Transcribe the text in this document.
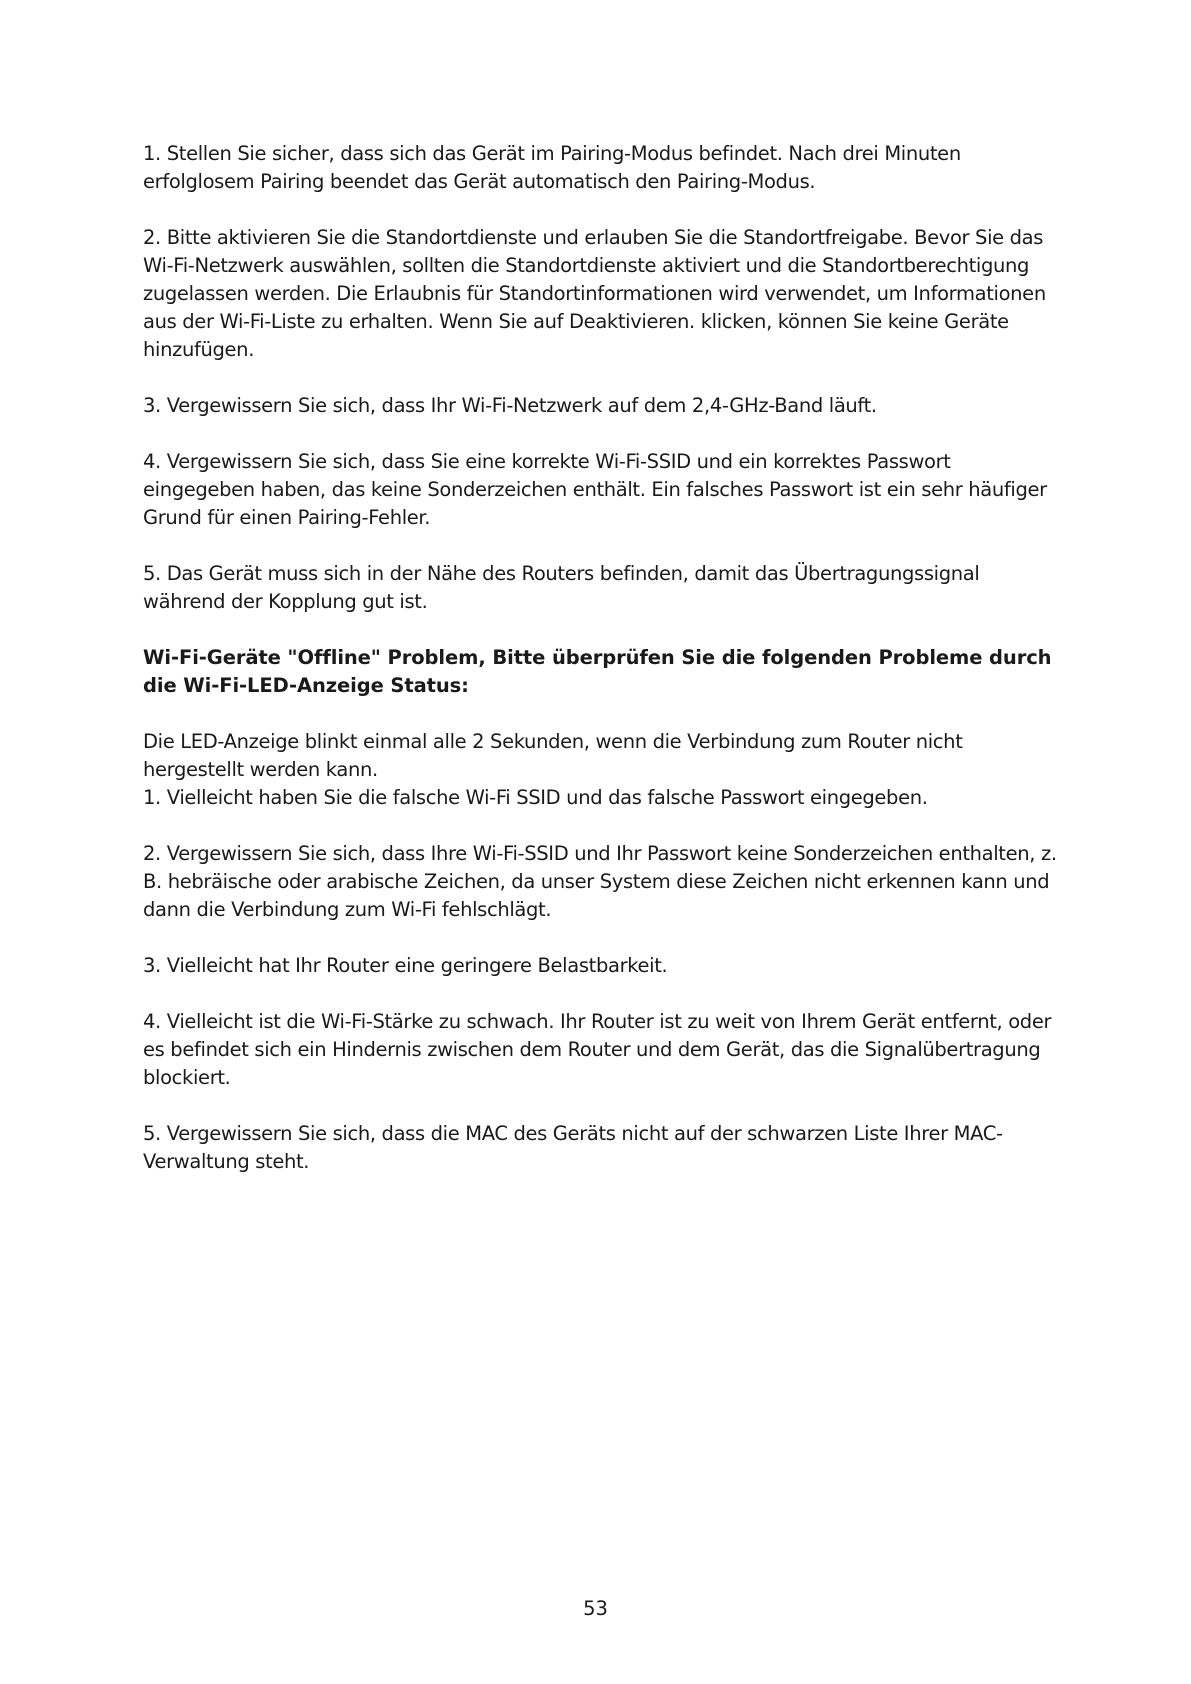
1. Stellen Sie sicher, dass sich das Gerät im Pairing-Modus befindet. Nach drei Minuten erfolglosem Pairing beendet das Gerät automatisch den Pairing-Modus.

2. Bitte aktivieren Sie die Standortdienste und erlauben Sie die Standortfreigabe. Bevor Sie das Wi-Fi-Netzwerk auswählen, sollten die Standortdienste aktiviert und die Standortberechtigung zugelassen werden. Die Erlaubnis für Standortinformationen wird verwendet, um Informationen aus der Wi-Fi-Liste zu erhalten. Wenn Sie auf Deaktivieren. klicken, können Sie keine Geräte hinzufügen.

3. Vergewissern Sie sich, dass Ihr Wi-Fi-Netzwerk auf dem 2,4-GHz-Band läuft.

4. Vergewissern Sie sich, dass Sie eine korrekte Wi-Fi-SSID und ein korrektes Passwort eingegeben haben, das keine Sonderzeichen enthält. Ein falsches Passwort ist ein sehr häufiger Grund für einen Pairing-Fehler.

5. Das Gerät muss sich in der Nähe des Routers befinden, damit das Übertragungssignal während der Kopplung gut ist.

Wi-Fi-Geräte "Offline" Problem, Bitte überprüfen Sie die folgenden Probleme durch die Wi-Fi-LED-Anzeige Status:

Die LED-Anzeige blinkt einmal alle 2 Sekunden, wenn die Verbindung zum Router nicht hergestellt werden kann.

1. Vielleicht haben Sie die falsche Wi-Fi SSID und das falsche Passwort eingegeben.

2. Vergewissern Sie sich, dass Ihre Wi-Fi-SSID und Ihr Passwort keine Sonderzeichen enthalten, z. B. hebräische oder arabische Zeichen, da unser System diese Zeichen nicht erkennen kann und dann die Verbindung zum Wi-Fi fehlschlägt.

3. Vielleicht hat Ihr Router eine geringere Belastbarkeit.

4. Vielleicht ist die Wi-Fi-Stärke zu schwach. Ihr Router ist zu weit von Ihrem Gerät entfernt, oder es befindet sich ein Hindernis zwischen dem Router und dem Gerät, das die Signalübertragung blockiert.

5. Vergewissern Sie sich, dass die MAC des Geräts nicht auf der schwarzen Liste Ihrer MAC-Verwaltung steht.

53
